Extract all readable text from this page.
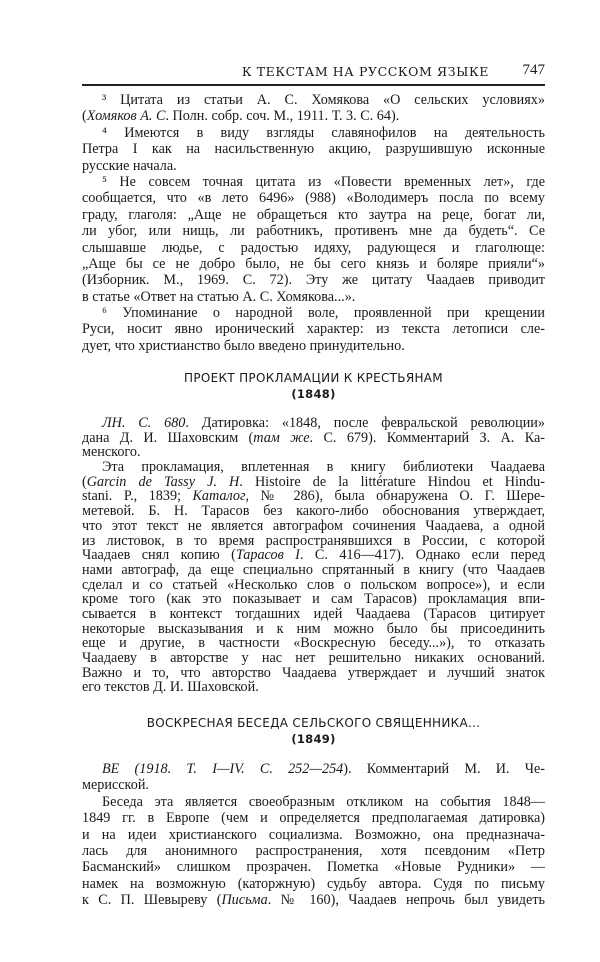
К ТЕКСТАМ НА РУССКОМ ЯЗЫКЕ 747
³ Цитата из статьи А. С. Хомякова «О сельских условиях»
(Хомяков А. С. Полн. собр. соч. М., 1911. Т. 3. С. 64).
⁴ Имеются в виду взгляды славянофилов на деятельность
Петра I как на насильственную акцию, разрушившую исконные
русские начала.
⁵ Не совсем точная цитата из «Повести временных лет», где
сообщается, что «в лето 6496» (988) «Володимеръ посла по всему
граду, глаголя: „Аще не обращеться кто заутра на реце, богат ли,
ли убог, или нищь, ли работникъ, противенъ мне да будеть“. Се
слышавше людье, с радостью идяху, радующеся и глаголюще:
„Аще бы се не добро было, не бы сего князь и боляре прияли“»
(Изборник. М., 1969. С. 72). Эту же цитату Чаадаев приводит
в статье «Ответ на статью А. С. Хомякова...».
⁶ Упоминание о народной воле, проявленной при крещении
Руси, носит явно иронический характер: из текста летописи сле-
дует, что христианство было введено принудительно.
ПРОЕКТ ПРОКЛАМАЦИИ К КРЕСТЬЯНАМ
(1848)
ЛН. С. 680. Датировка: «1848, после февральской революции»
дана Д. И. Шаховским (там же. С. 679). Комментарий З. А. Ка-
менского.
Эта прокламация, вплетенная в книгу библиотеки Чаадаева
(Garcin de Tassy J. H. Histoire de la littérature Hindou et Hindu-
stani. P., 1839; Каталог, № 286), была обнаружена О. Г. Шере-
метевой. Б. Н. Тарасов без какого-либо обоснования утверждает,
что этот текст не является автографом сочинения Чаадаева, а одной
из листовок, в то время распространявшихся в России, с которой
Чаадаев снял копию (Тарасов I. С. 416—417). Однако если перед
нами автограф, да еще специально спрятанный в книгу (что Чаадаев
сделал и со статьей «Несколько слов о польском вопросе»), и если
кроме того (как это показывает и сам Тарасов) прокламация впи-
сывается в контекст тогдашних идей Чаадаева (Тарасов цитирует
некоторые высказывания и к ним можно было бы присоединить
еще и другие, в частности «Воскресную беседу...»), то отказать
Чаадаеву в авторстве у нас нет решительно никаких оснований.
Важно и то, что авторство Чаадаева утверждает и лучший знаток
его текстов Д. И. Шаховской.
ВОСКРЕСНАЯ БЕСЕДА СЕЛЬСКОГО СВЯЩЕННИКА...
(1849)
ВЕ (1918. Т. I—IV. С. 252—254). Комментарий М. И. Че-
мерисской.
Беседа эта является своеобразным откликом на события 1848—
1849 гг. в Европе (чем и определяется предполагаемая датировка)
и на идеи христианского социализма. Возможно, она предназнача-
лась для анонимного распространения, хотя псевдоним «Петр
Басманский» слишком прозрачен. Пометка «Новые Рудники» —
намек на возможную (каторжную) судьбу автора. Судя по письму
к С. П. Шевыреву (Письма. № 160), Чаадаев непрочь был увидеть
